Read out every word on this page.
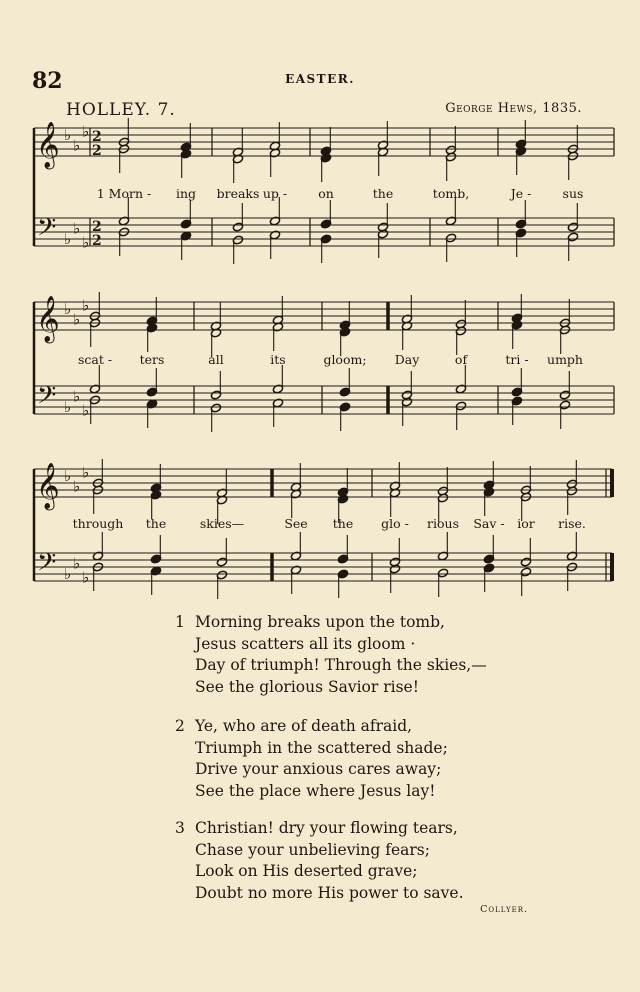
82	EASTER.
HOLLEY. 7.	George Hews, 1835.
𝄞
𝄢
♭
♭
♭
♭
♭
♭
2
2
2
2
𝄞
𝄢
♭
♭
♭
♭
♭
♭
𝄞
𝄢
♭
♭
♭
♭
♭
♭
1 Morn - ing breaks up - on	the	tomb,	Je -	sus
scat - ters	all	its	gloom; Day	of	tri - umph
through the	skies—	See the glo - rious Sav - ior rise.
1 Morning breaks upon the tomb,
Jesus scatters all its gloom ·
Day of triumph! Through the skies,—
See the glorious Savior rise!
2 Ye, who are of death afraid,
Triumph in the scattered shade;
Drive your anxious cares away;
See the place where Jesus lay!
3 Christian! dry your flowing tears,
Chase your unbelieving fears;
Look on His deserted grave;
Doubt no more His power to save.
Collyer.
